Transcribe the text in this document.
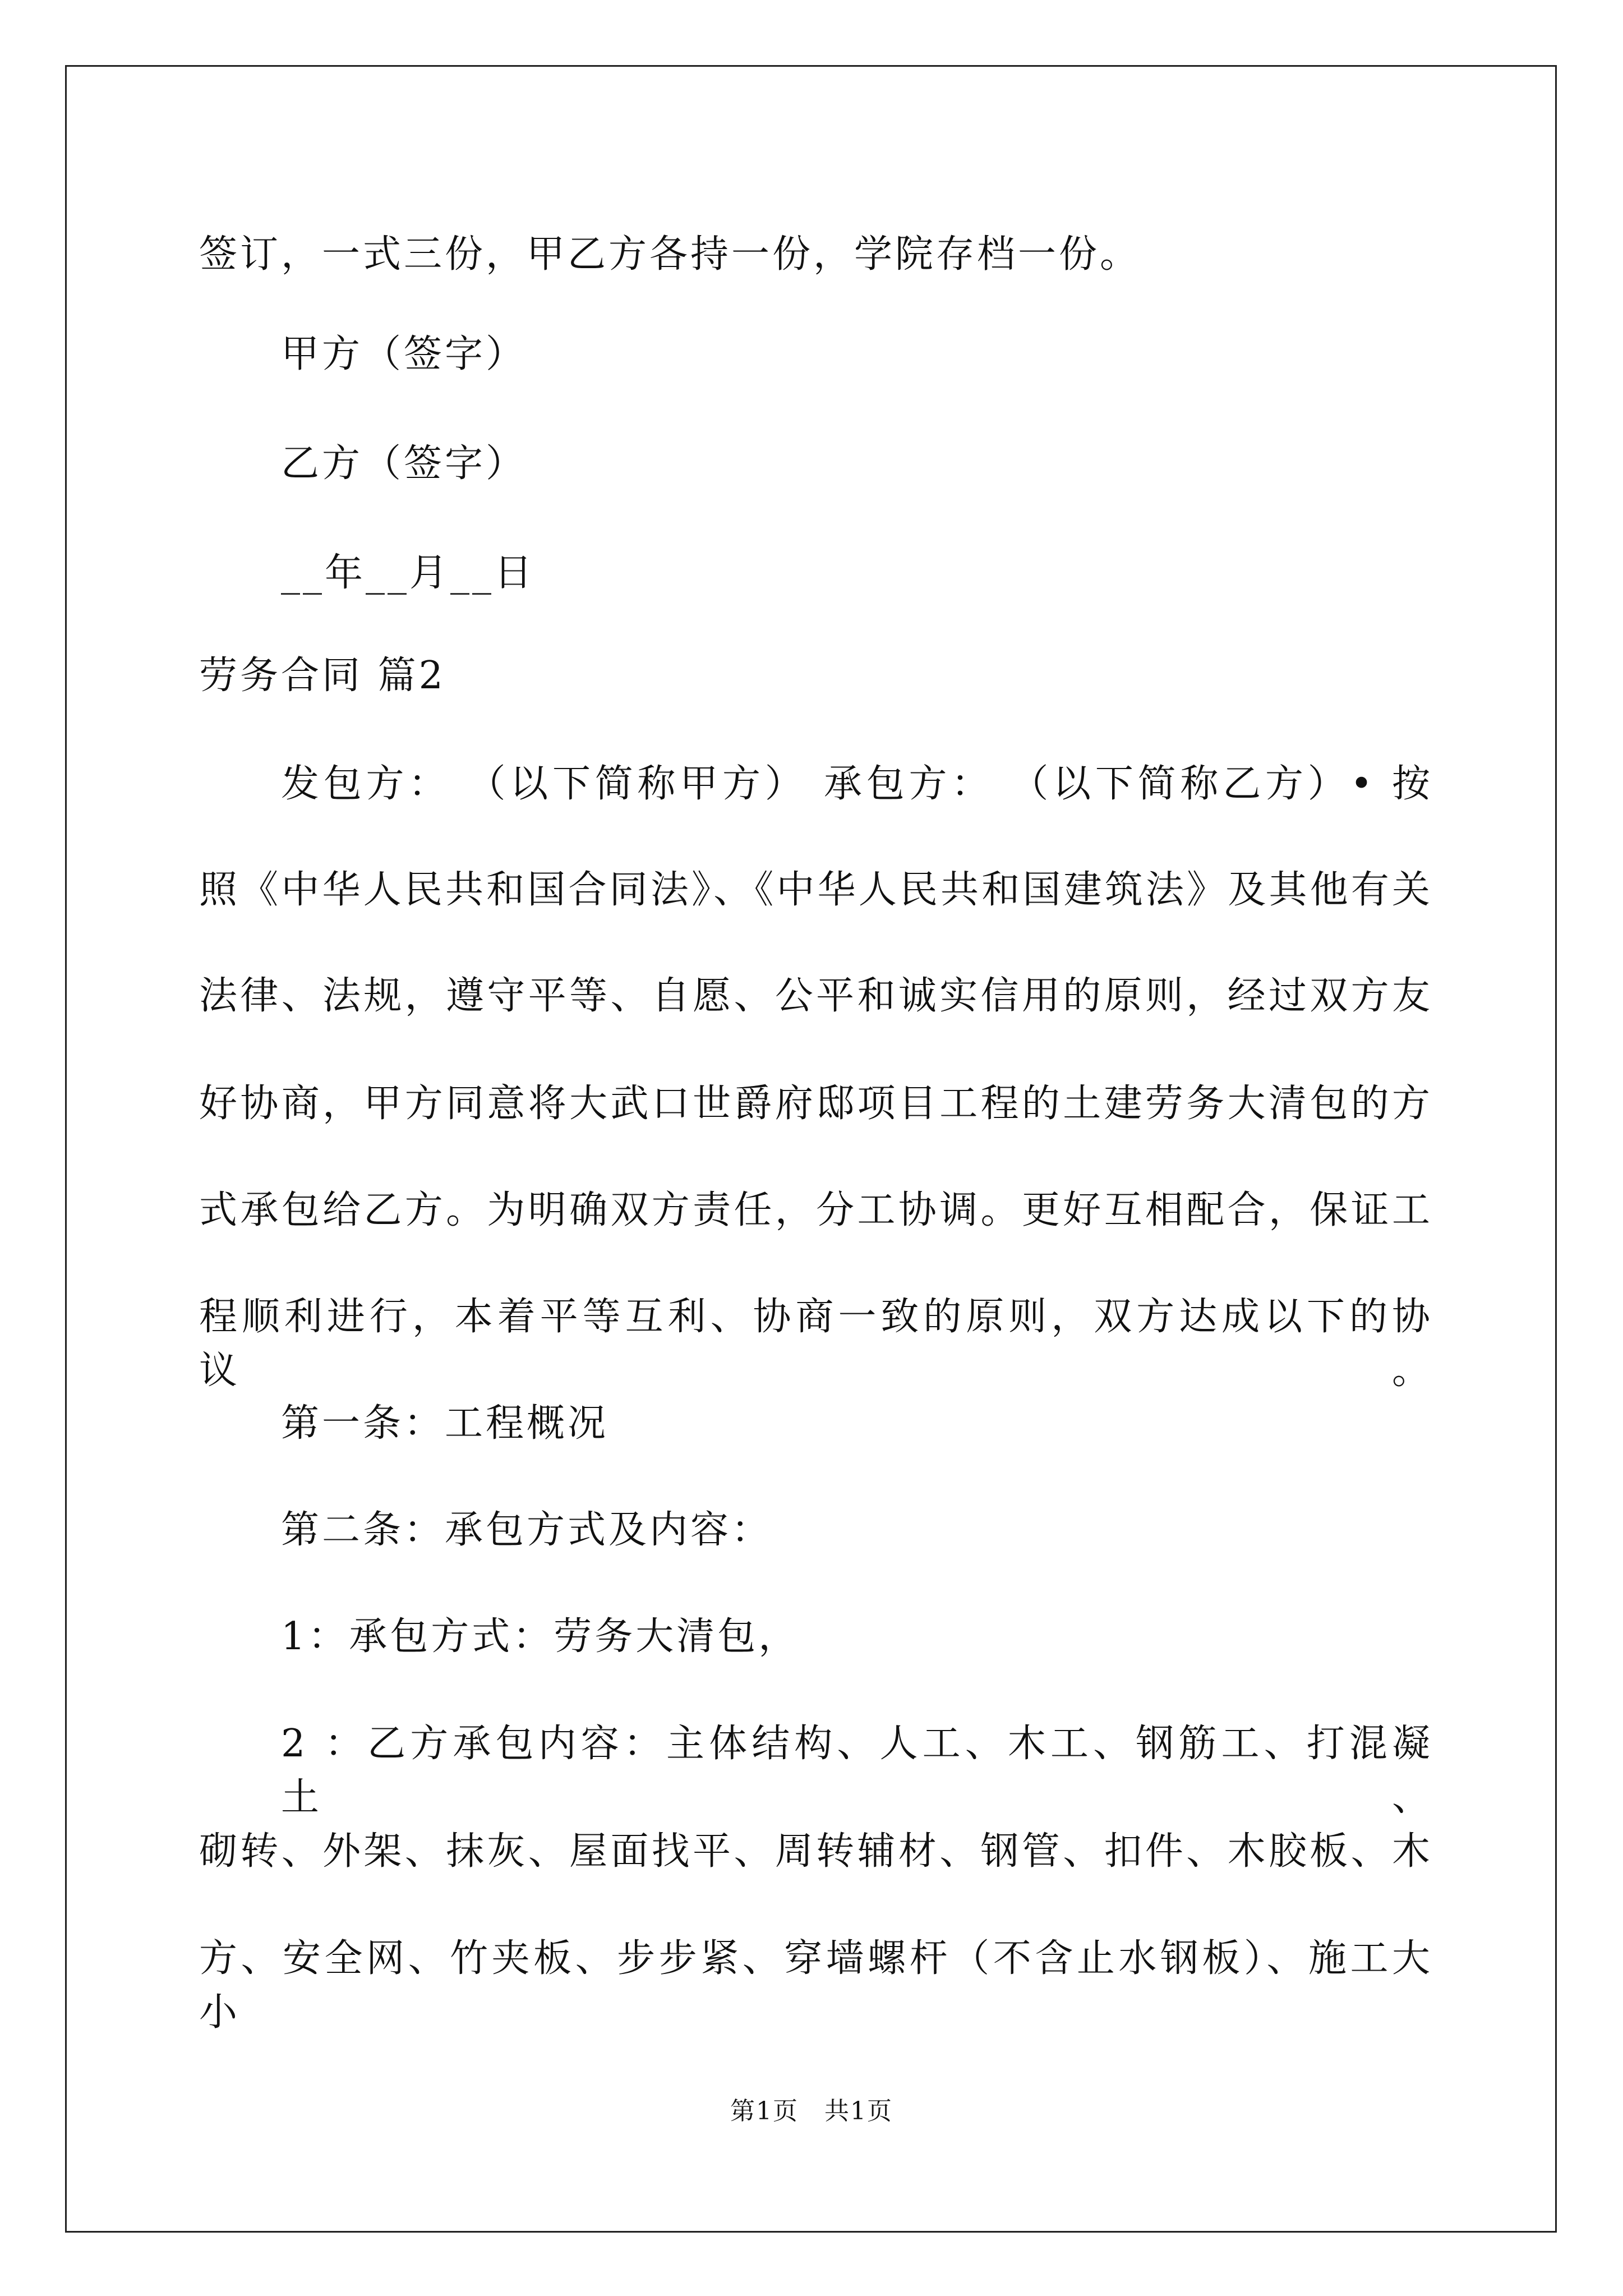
签订，一式三份，甲乙方各持一份，学院存档一份。
甲方（签字）
乙方（签字）
__年__月__日
劳务合同 篇2
发包方： （以下简称甲方） 承包方： （以下简称乙方）• 按
照《中华人民共和国合同法》、《中华人民共和国建筑法》及其他有关
法律、法规，遵守平等、自愿、公平和诚实信用的原则，经过双方友
好协商，甲方同意将大武口世爵府邸项目工程的土建劳务大清包的方
式承包给乙方。为明确双方责任，分工协调。更好互相配合，保证工
程顺利进行，本着平等互利、协商一致的原则，双方达成以下的协议。
第一条：工程概况
第二条：承包方式及内容：
1：承包方式：劳务大清包，
2 ：乙方承包内容：主体结构、人工、木工、钢筋工、打混凝土、
砌转、外架、抹灰、屋面找平、周转辅材、钢管、扣件、木胶板、木
方、安全网、竹夹板、步步紧、穿墙螺杆（不含止水钢板）、施工大小
第1页　共1页
